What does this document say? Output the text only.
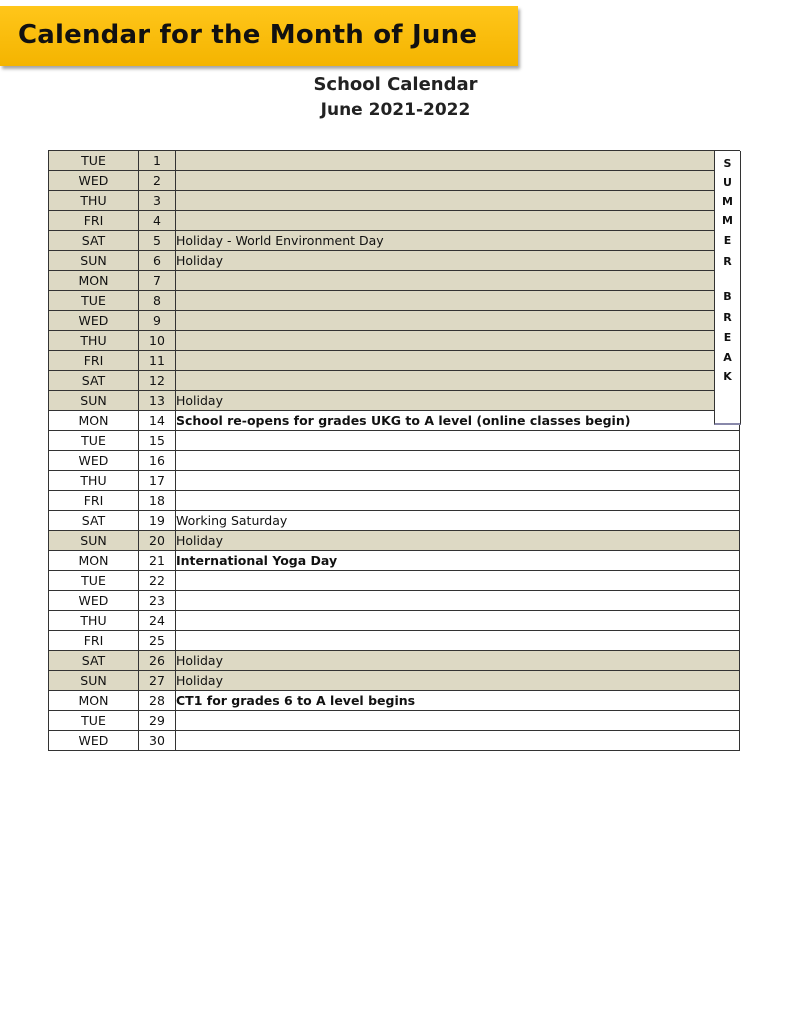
Calendar for the Month of June
School Calendar
June 2021-2022
TUE	1	
WED	2	
THU	3	
FRI	4	
SAT	5	Holiday - World Environment Day
SUN	6	Holiday
MON	7	
TUE	8	
WED	9	
THU	10	
FRI	11	
SAT	12	
SUN	13	Holiday
MON	14	School re-opens for grades UKG to A level (online classes begin)
TUE	15	
WED	16	
THU	17	
FRI	18	
SAT	19	Working Saturday
SUN	20	Holiday
MON	21	International Yoga Day
TUE	22	
WED	23	
THU	24	
FRI	25	
SAT	26	Holiday
SUN	27	Holiday
MON	28	CT1 for grades 6 to A level begins
TUE	29	
WED	30	
S
U
M
M
E
R
B
R
E
A
K
